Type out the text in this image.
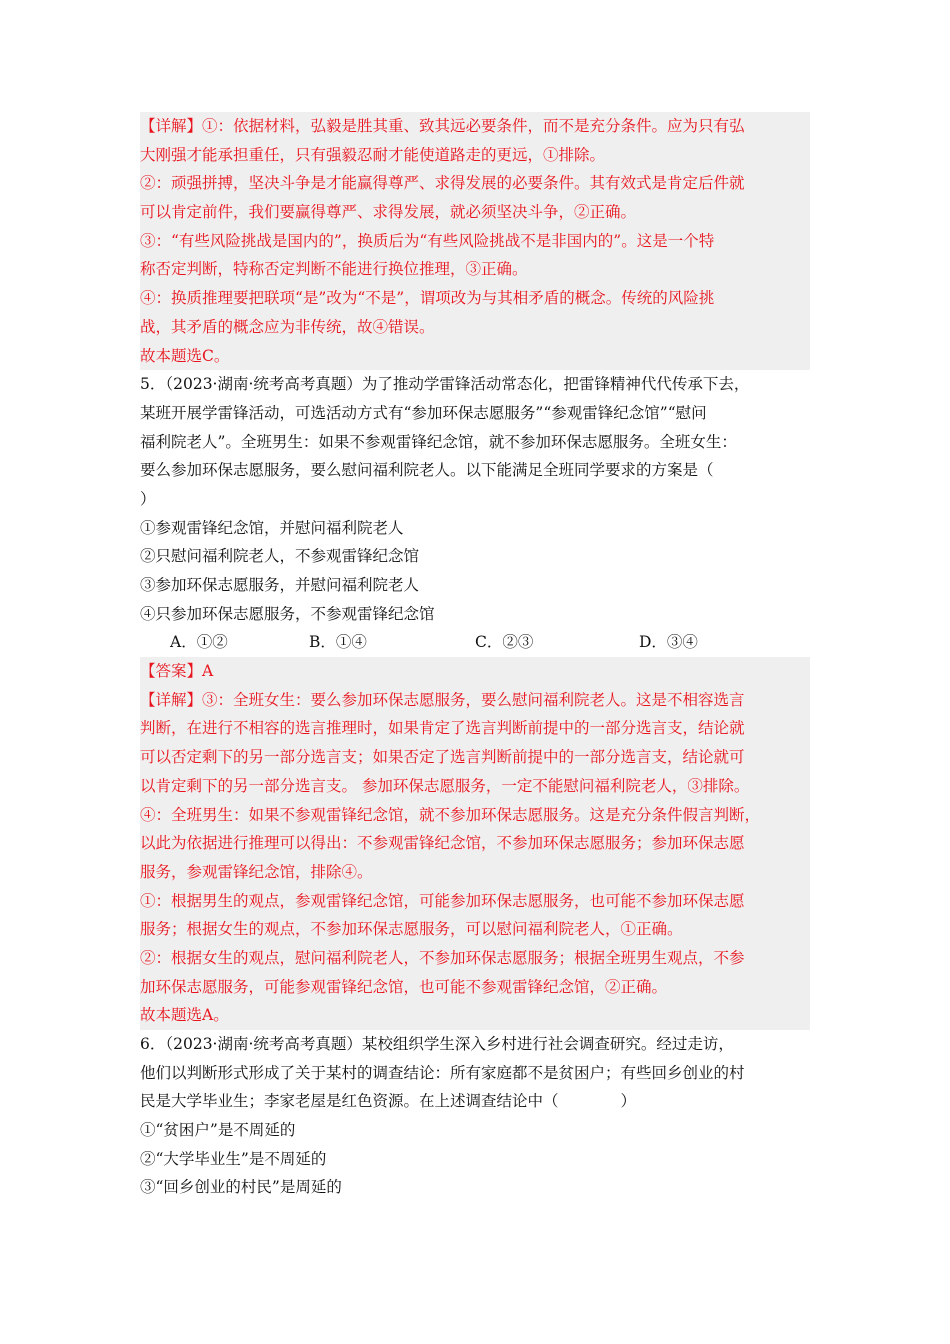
【详解】①：依据材料，弘毅是胜其重、致其远必要条件，而不是充分条件。应为只有弘
大刚强才能承担重任，只有强毅忍耐才能使道路走的更远，①排除。
②：顽强拼搏，坚决斗争是才能赢得尊严、求得发展的必要条件。其有效式是肯定后件就
可以肯定前件，我们要赢得尊严、求得发展，就必须坚决斗争，②正确。
③：“有些风险挑战是国内的”，换质后为“有些风险挑战不是非国内的”。这是一个特
称否定判断，特称否定判断不能进行换位推理，③正确。
④：换质推理要把联项“是”改为“不是”，谓项改为与其相矛盾的概念。传统的风险挑
战，其矛盾的概念应为非传统，故④错误。
故本题选C。
5．（2023·湖南·统考高考真题）为了推动学雷锋活动常态化，把雷锋精神代代传承下去，
某班开展学雷锋活动，可选活动方式有“参加环保志愿服务”“参观雷锋纪念馆”“慰问
福利院老人”。全班男生：如果不参观雷锋纪念馆，就不参加环保志愿服务。全班女生：
要么参加环保志愿服务，要么慰问福利院老人。以下能满足全班同学要求的方案是（
）
①参观雷锋纪念馆，并慰问福利院老人
②只慰问福利院老人，不参观雷锋纪念馆
③参加环保志愿服务，并慰问福利院老人
④只参加环保志愿服务，不参观雷锋纪念馆
A．①②	B．①④	C．②③	D．③④
【答案】A
【详解】③：全班女生：要么参加环保志愿服务，要么慰问福利院老人。这是不相容选言
判断，在进行不相容的选言推理时，如果肯定了选言判断前提中的一部分选言支，结论就
可以否定剩下的另一部分选言支；如果否定了选言判断前提中的一部分选言支，结论就可
以肯定剩下的另一部分选言支。 参加环保志愿服务，一定不能慰问福利院老人，③排除。
④：全班男生：如果不参观雷锋纪念馆，就不参加环保志愿服务。这是充分条件假言判断，
以此为依据进行推理可以得出：不参观雷锋纪念馆，不参加环保志愿服务；参加环保志愿
服务，参观雷锋纪念馆，排除④。
①：根据男生的观点，参观雷锋纪念馆，可能参加环保志愿服务，也可能不参加环保志愿
服务；根据女生的观点，不参加环保志愿服务，可以慰问福利院老人，①正确。
②：根据女生的观点，慰问福利院老人，不参加环保志愿服务；根据全班男生观点，不参
加环保志愿服务，可能参观雷锋纪念馆，也可能不参观雷锋纪念馆，②正确。
故本题选A。
6．（2023·湖南·统考高考真题）某校组织学生深入乡村进行社会调查研究。经过走访，
他们以判断形式形成了关于某村的调查结论：所有家庭都不是贫困户；有些回乡创业的村
民是大学毕业生；李家老屋是红色资源。在上述调查结论中（　　　　）
①“贫困户”是不周延的
②“大学毕业生”是不周延的
③“回乡创业的村民”是周延的
